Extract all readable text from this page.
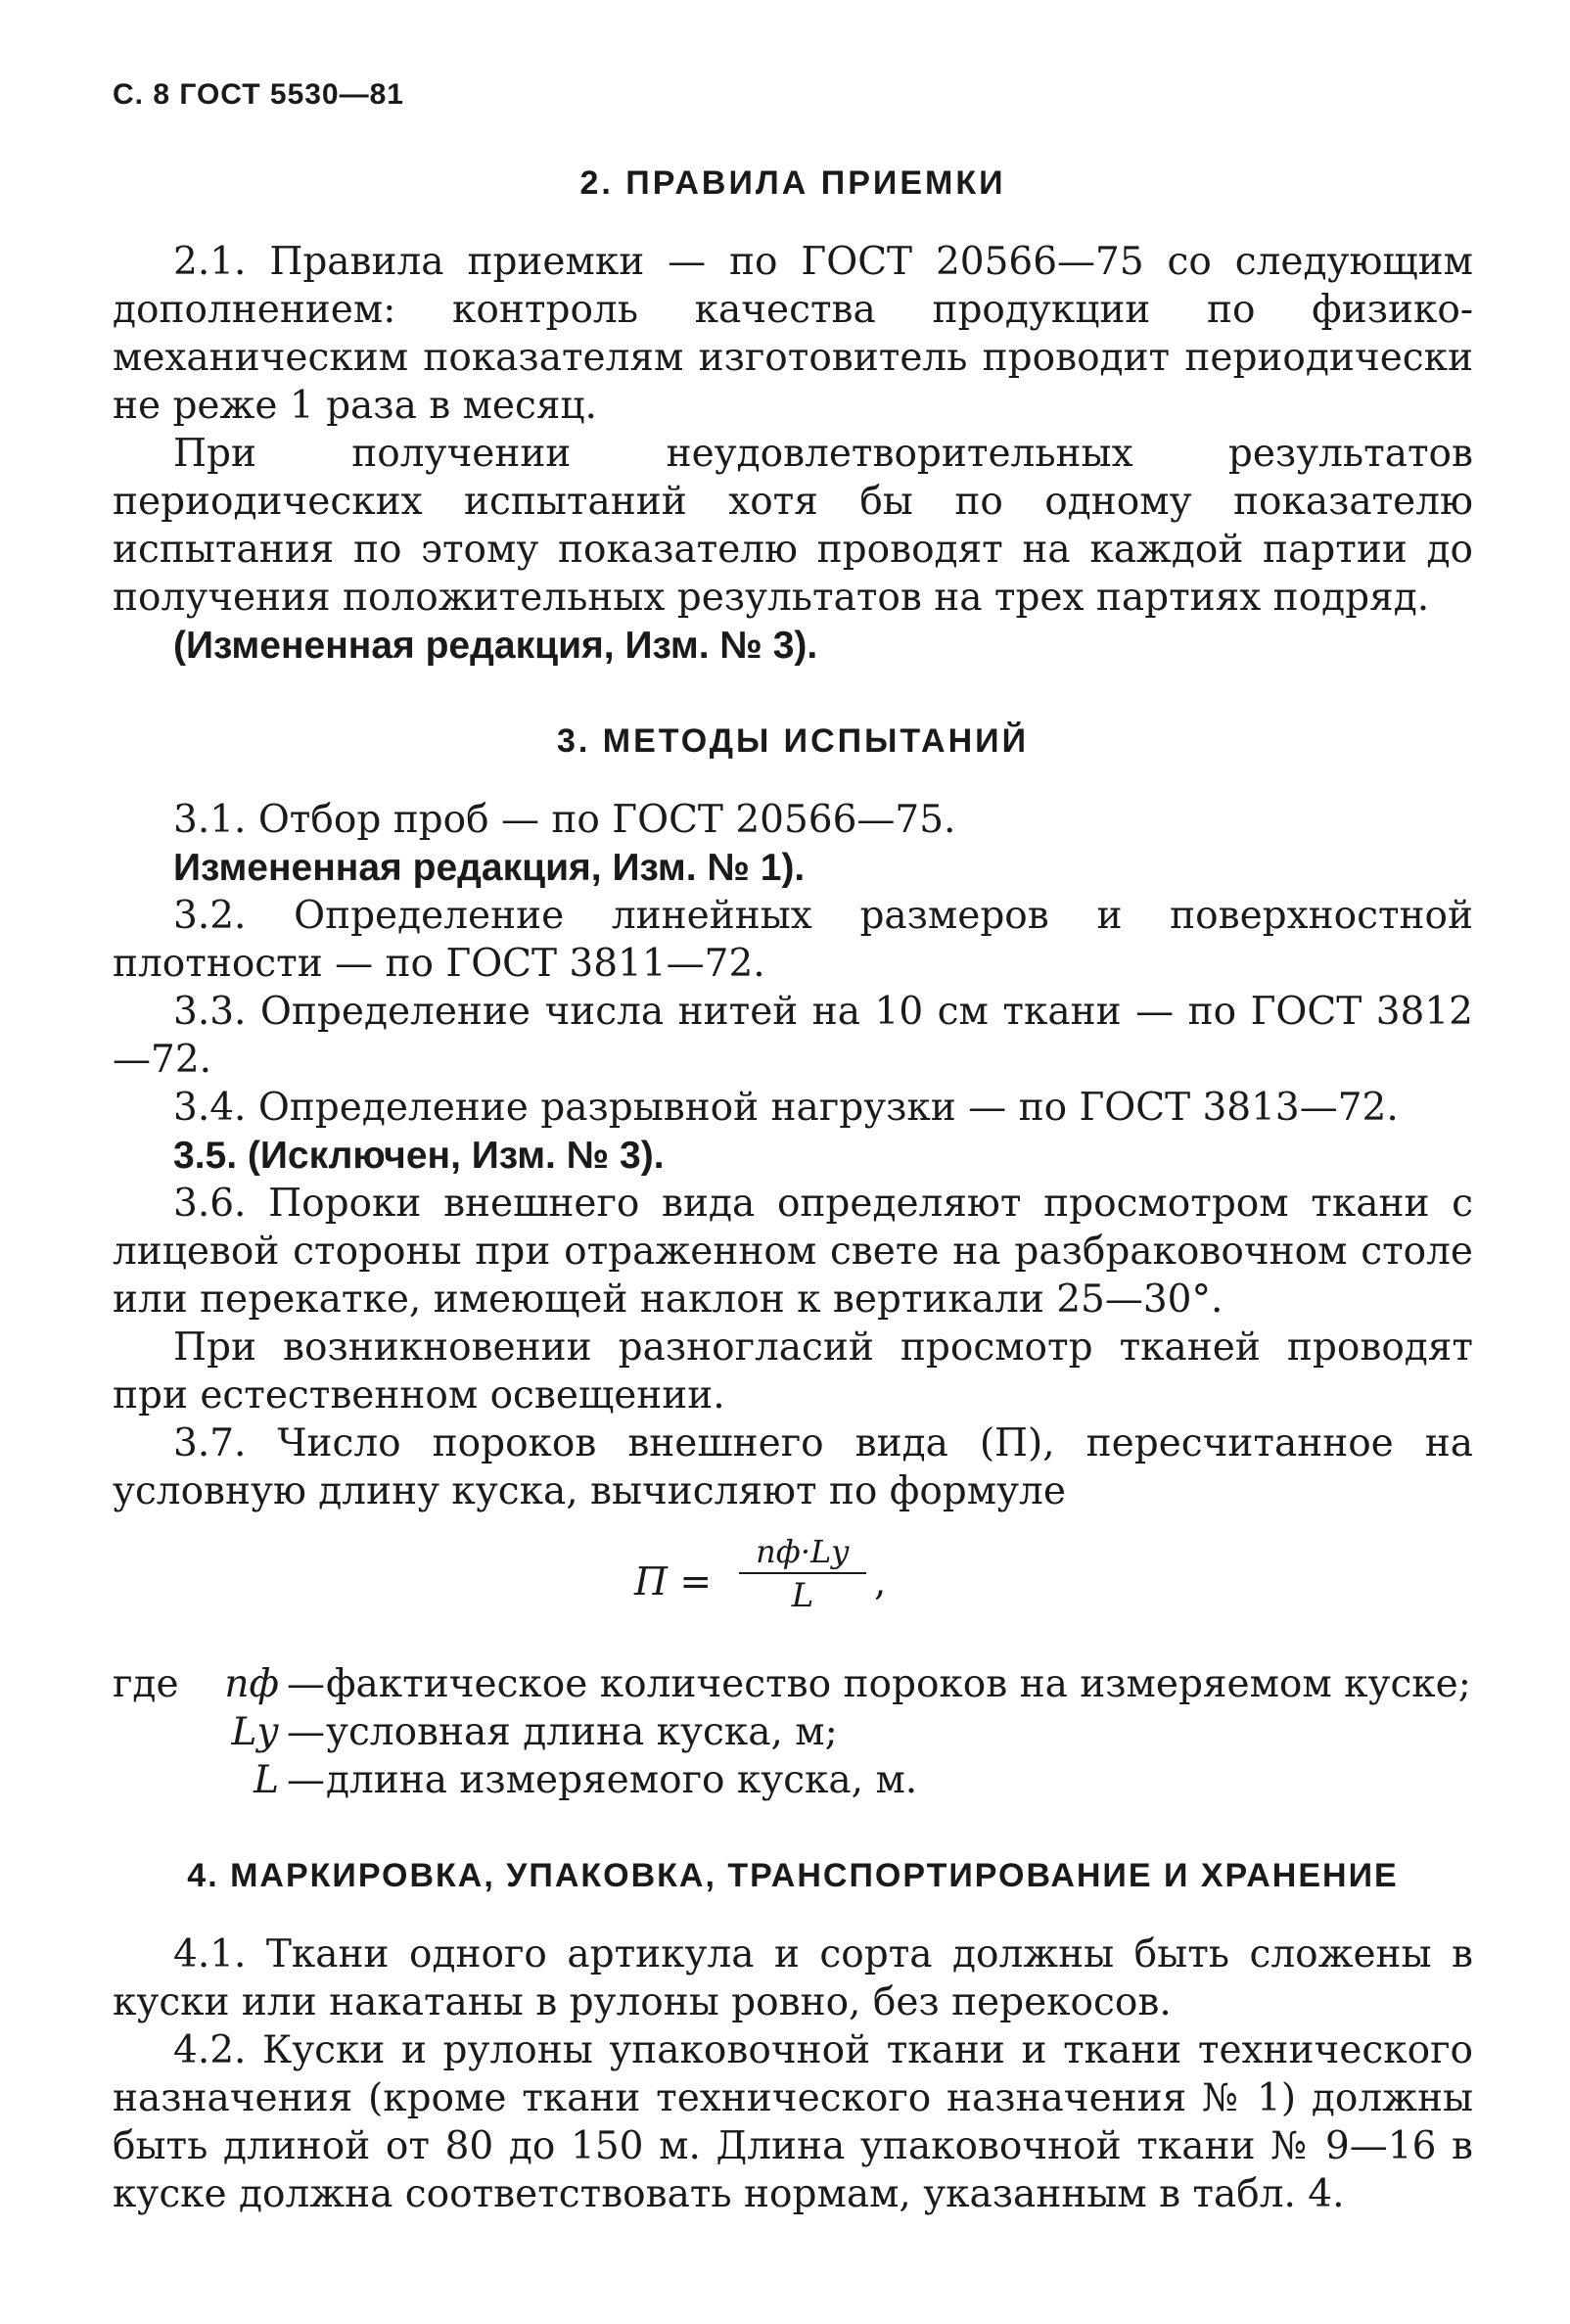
С. 8 ГОСТ 5530—81
2. ПРАВИЛА ПРИЕМКИ

2.1. Правила приемки — по ГОСТ 20566—75 со следующим дополнением: контроль качества продукции по физико-механическим показателям изготовитель проводит периодически не реже 1 раза в месяц.

При получении неудовлетворительных результатов периодических испытаний хотя бы по одному показателю испытания по этому показателю проводят на каждой партии до получения положительных результатов на трех партиях подряд.

(Измененная редакция, Изм. № 3).

3. МЕТОДЫ ИСПЫТАНИЙ

3.1. Отбор проб — по ГОСТ 20566—75.

Измененная редакция, Изм. № 1).

3.2. Определение линейных размеров и поверхностной плотности — по ГОСТ 3811—72.

3.3. Определение числа нитей на 10 см ткани — по ГОСТ 3812—72.

3.4. Определение разрывной нагрузки — по ГОСТ 3813—72.

3.5. (Исключен, Изм. № 3).

3.6. Пороки внешнего вида определяют просмотром ткани с лицевой стороны при отраженном свете на разбраковочном столе или перекатке, имеющей наклон к вертикали 25—30°.

При возникновении разногласий просмотр тканей проводят при естественном освещении.

3.7. Число пороков внешнего вида (П), пересчитанное на условную длину куска, вычисляют по формуле

П =
nф·Lу
L	,
где	nф — фактическое количество пороков на измеряемом куске;
Lу — условная длина куска, м;
L — длина измеряемого куска, м.
4. МАРКИРОВКА, УПАКОВКА, ТРАНСПОРТИРОВАНИЕ И ХРАНЕНИЕ

4.1. Ткани одного артикула и сорта должны быть сложены в куски или накатаны в рулоны ровно, без перекосов.

4.2. Куски и рулоны упаковочной ткани и ткани технического назначения (кроме ткани технического назначения № 1) должны быть длиной от 80 до 150 м. Длина упаковочной ткани № 9—16 в куске должна соответствовать нормам, указанным в табл. 4.
